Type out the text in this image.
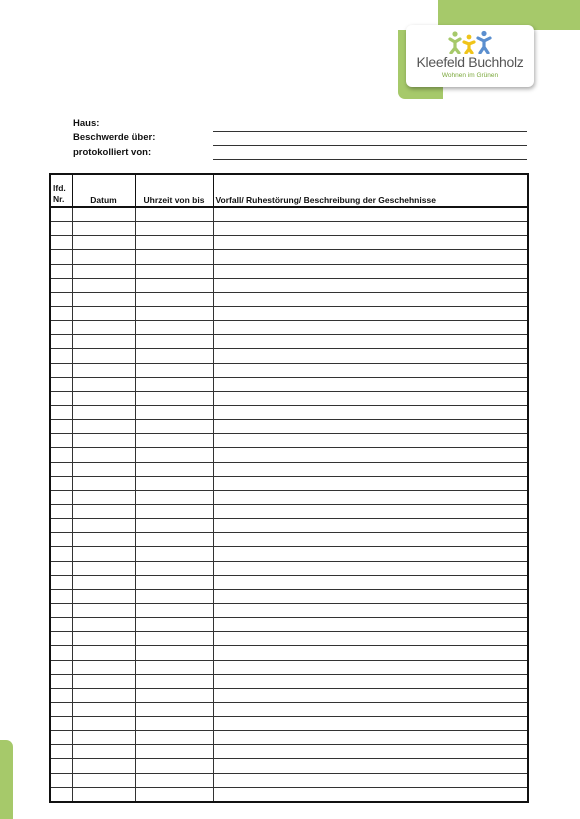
Kleefeld Buchholz
Wohnen im Grünen
Haus:
Beschwerde über:
protokolliert von:
lfd.
Nr.	Datum	Uhrzeit von bis	Vorfall/ Ruhestörung/ Beschreibung der Geschehnisse
